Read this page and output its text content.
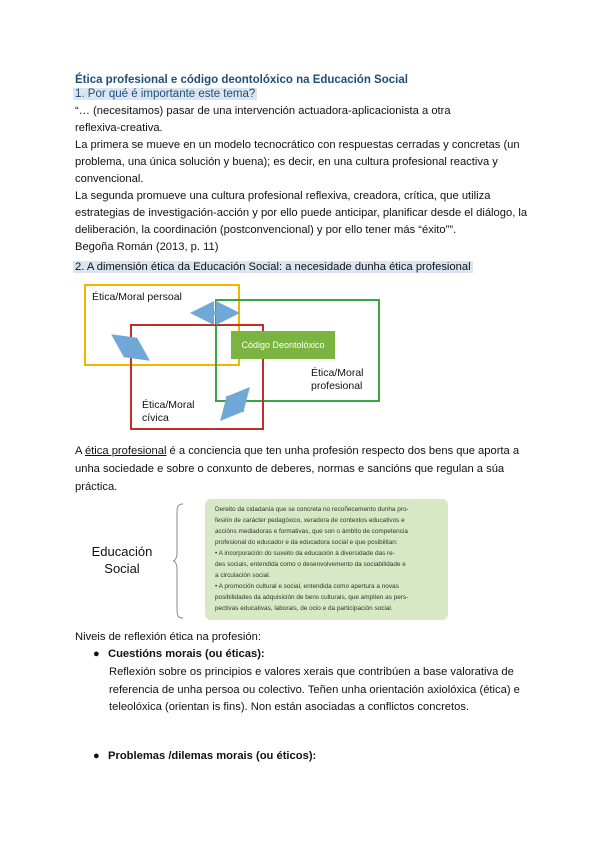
Ética profesional e código deontolóxico na Educación Social
1. Por qué é importante este tema?
“… (necesitamos) pasar de una intervención actuadora-aplicacionista a otra
reflexiva-creativa.
La primera se mueve en un modelo tecnocrático con respuestas cerradas y concretas (un
problema, una única solución y buena); es decir, en una cultura profesional reactiva y
convencional.
La segunda promueve una cultura profesional reflexiva, creadora, crítica, que utiliza
estrategias de investigación-acción y por ello puede anticipar, planificar desde el diálogo, la
deliberación, la coordinación (postconvencional) y por ello tener más “éxito””.
Begoña Román (2013, p. 11)
2. A dimensión ética da Educación Social: a necesidade dunha ética profesional
Código Deontolóxico
Ética/Moral persoal
Ética/Moral
profesional
Ética/Moral
cívica
A ética profesional é a conciencia que ten unha profesión respecto dos bens que aporta a
unha sociedade e sobre o conxunto de deberes, normas e sancións que regulan a súa
práctica.
Educación
Social
Dereito da cidadanía que se concreta no recoñecemento dunha pro-
fesión de carácter pedagóxico, xeradora de contextos educativos e
accións mediadoras e formativas, que son o ámbito de competencia
profesional do educador e da educadora social e que posibilitan:
• A incorporación do suxeito da educación á diversidade das re-
des sociais, entendida como o desenvolvemento da sociabilidade e
a circulación social.
• A promoción cultural e social, entendida como apertura a novas
posibilidades da adquisición de bens culturais, que amplíen as pers-
pectivas educativas, laborais, de ocio e da participación social.
Niveis de reflexión ética na profesión:
● Cuestións morais (ou éticas):
Reflexión sobre os principios e valores xerais que contribúen a base valorativa de
referencia de unha persoa ou colectivo. Teñen unha orientación axiolóxica (ética) e
teleolóxica (orientan is fins). Non están asociadas a conflictos concretos.
● Problemas /dilemas morais (ou éticos):
